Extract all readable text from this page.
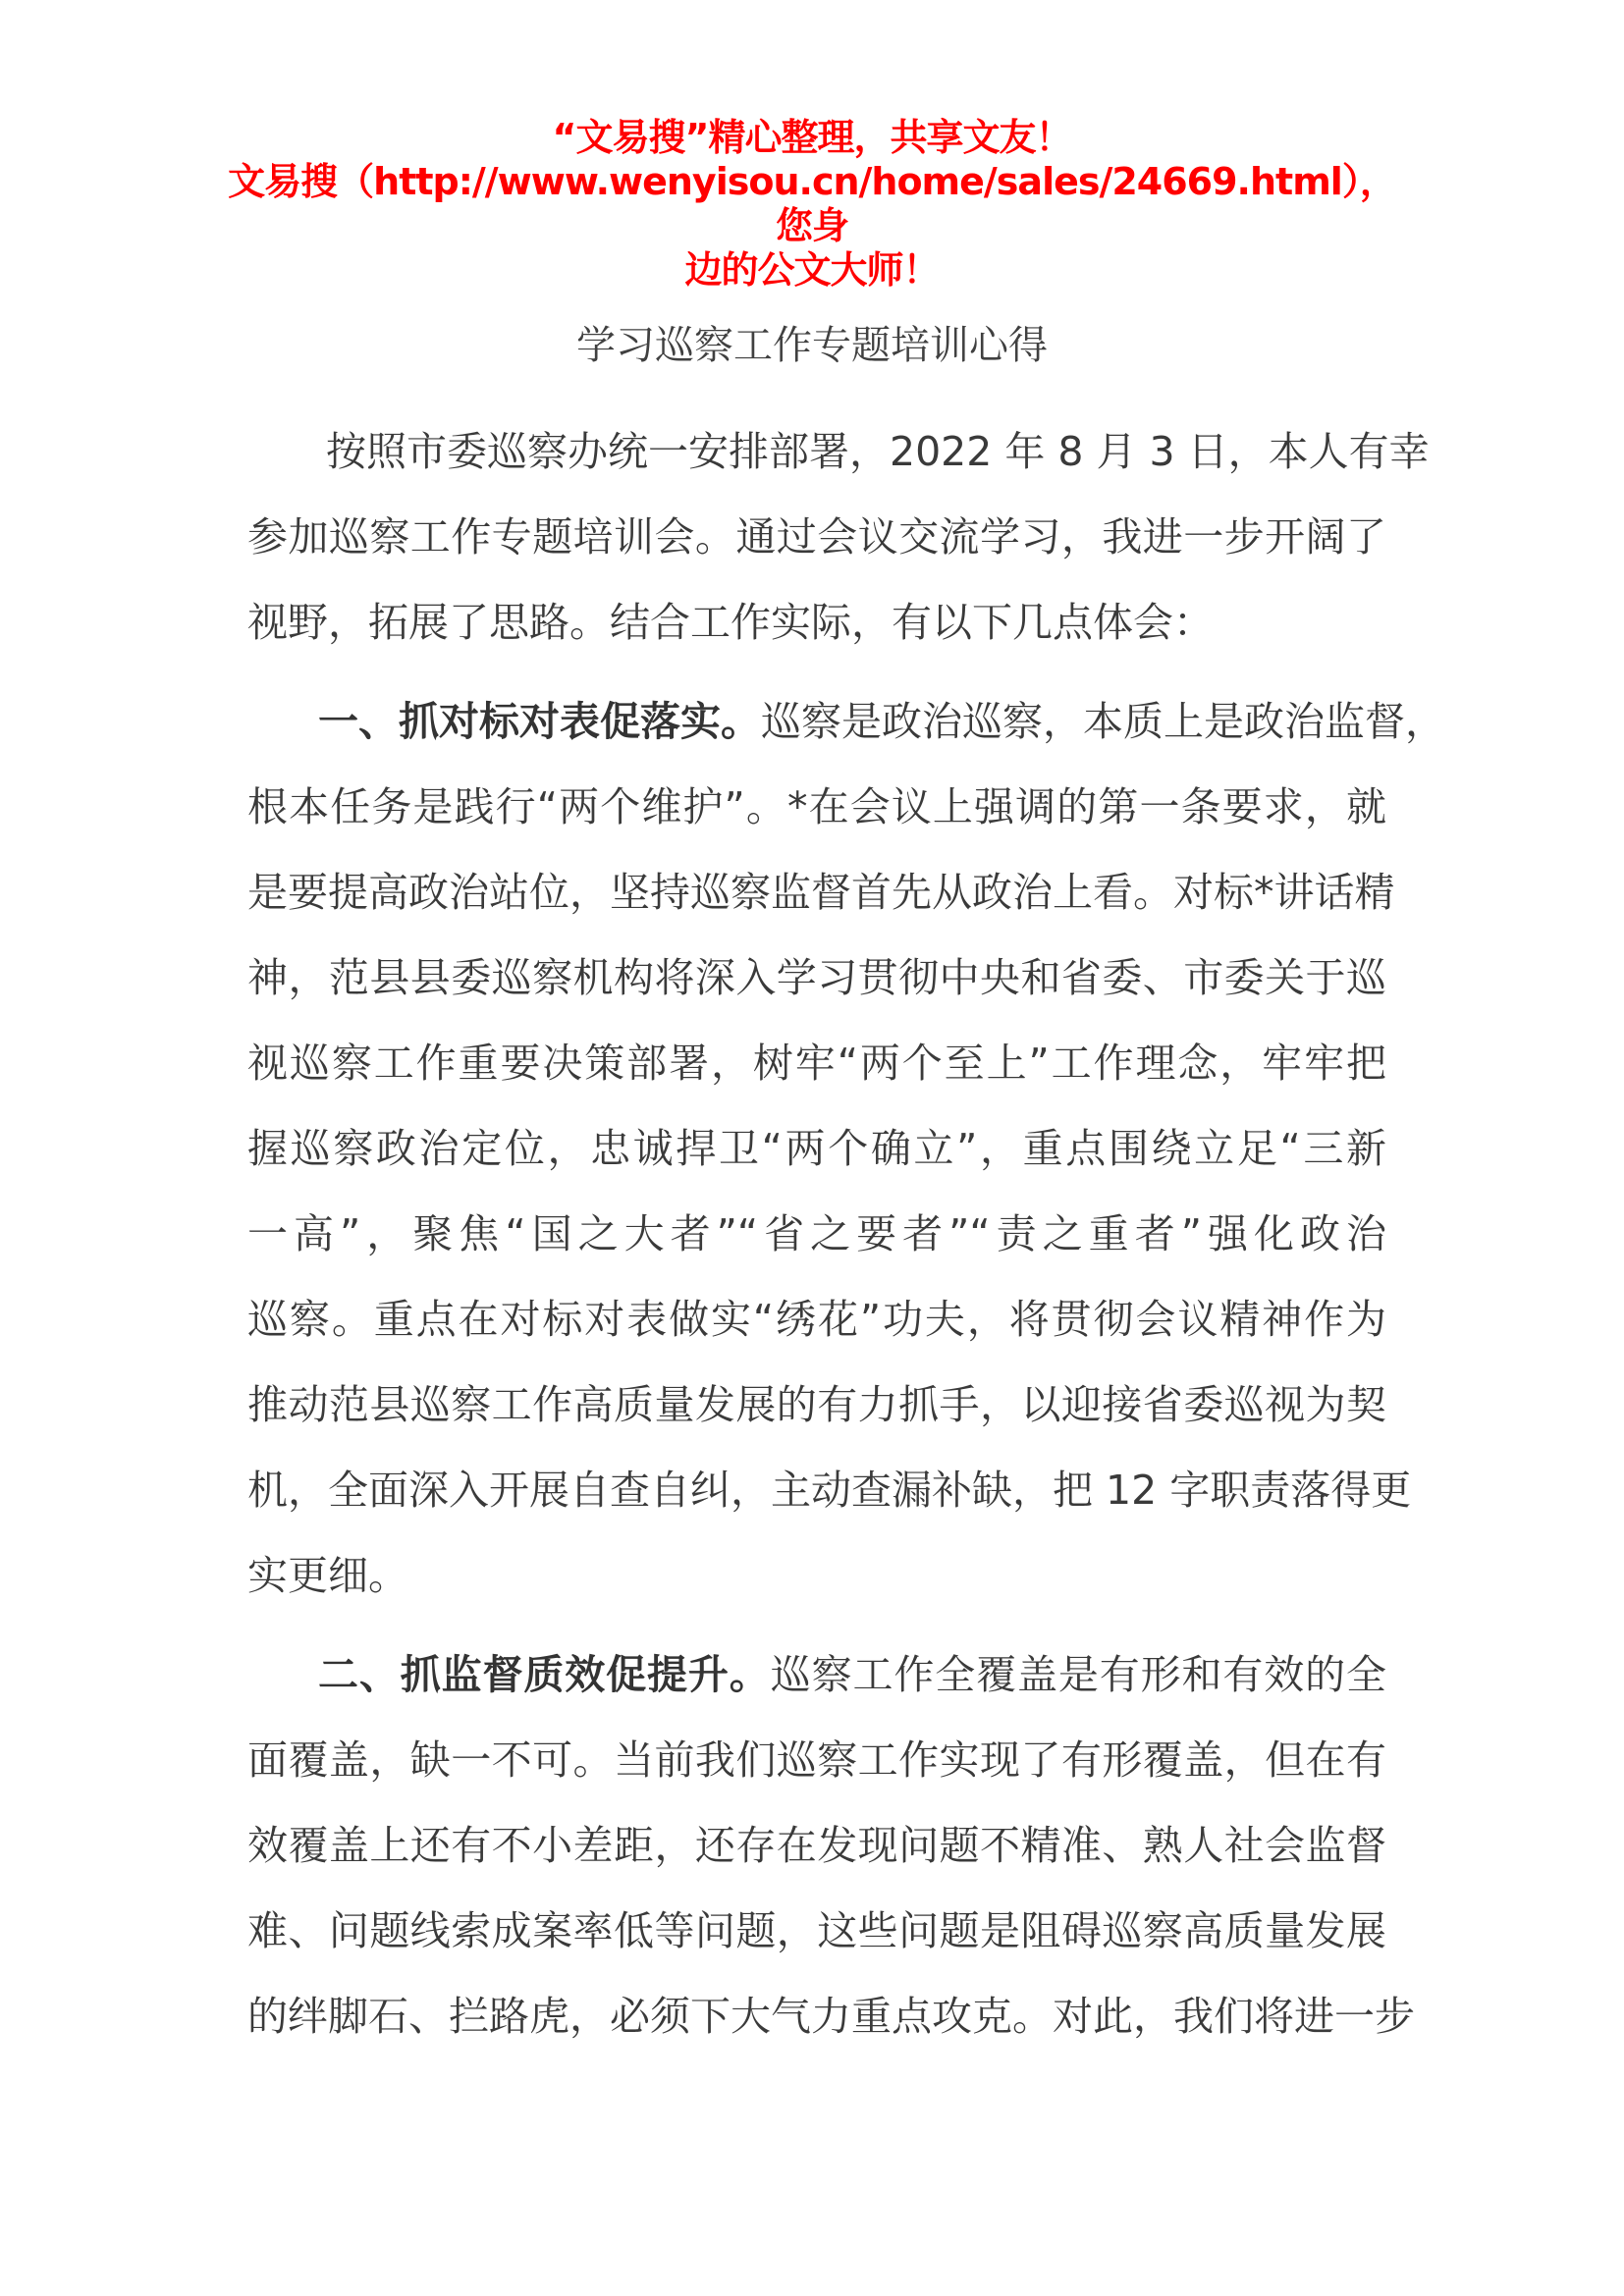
“文易搜”精心整理，共享文友！
文易搜（http://www.wenyisou.cn/home/sales/24669.html），您身
边的公文大师！
学习巡察工作专题培训心得
按照市委巡察办统一安排部署，2022 年 8 月 3 日，本人有幸
参加巡察工作专题培训会。通过会议交流学习，我进一步开阔了
视野，拓展了思路。结合工作实际，有以下几点体会：
一、抓对标对表促落实。巡察是政治巡察，本质上是政治监督，
根本任务是践行“两个维护”。*在会议上强调的第一条要求，就
是要提高政治站位，坚持巡察监督首先从政治上看。对标*讲话精
神，范县县委巡察机构将深入学习贯彻中央和省委、市委关于巡
视巡察工作重要决策部署，树牢“两个至上”工作理念，牢牢把
握巡察政治定位，忠诚捍卫“两个确立”，重点围绕立足“三新
一高”，聚焦“国之大者”“省之要者”“责之重者”强化政治
巡察。重点在对标对表做实“绣花”功夫，将贯彻会议精神作为
推动范县巡察工作高质量发展的有力抓手，以迎接省委巡视为契
机，全面深入开展自查自纠，主动查漏补缺，把 12 字职责落得更
实更细。
二、抓监督质效促提升。巡察工作全覆盖是有形和有效的全
面覆盖，缺一不可。当前我们巡察工作实现了有形覆盖，但在有
效覆盖上还有不小差距，还存在发现问题不精准、熟人社会监督
难、问题线索成案率低等问题，这些问题是阻碍巡察高质量发展
的绊脚石、拦路虎，必须下大气力重点攻克。对此，我们将进一步
